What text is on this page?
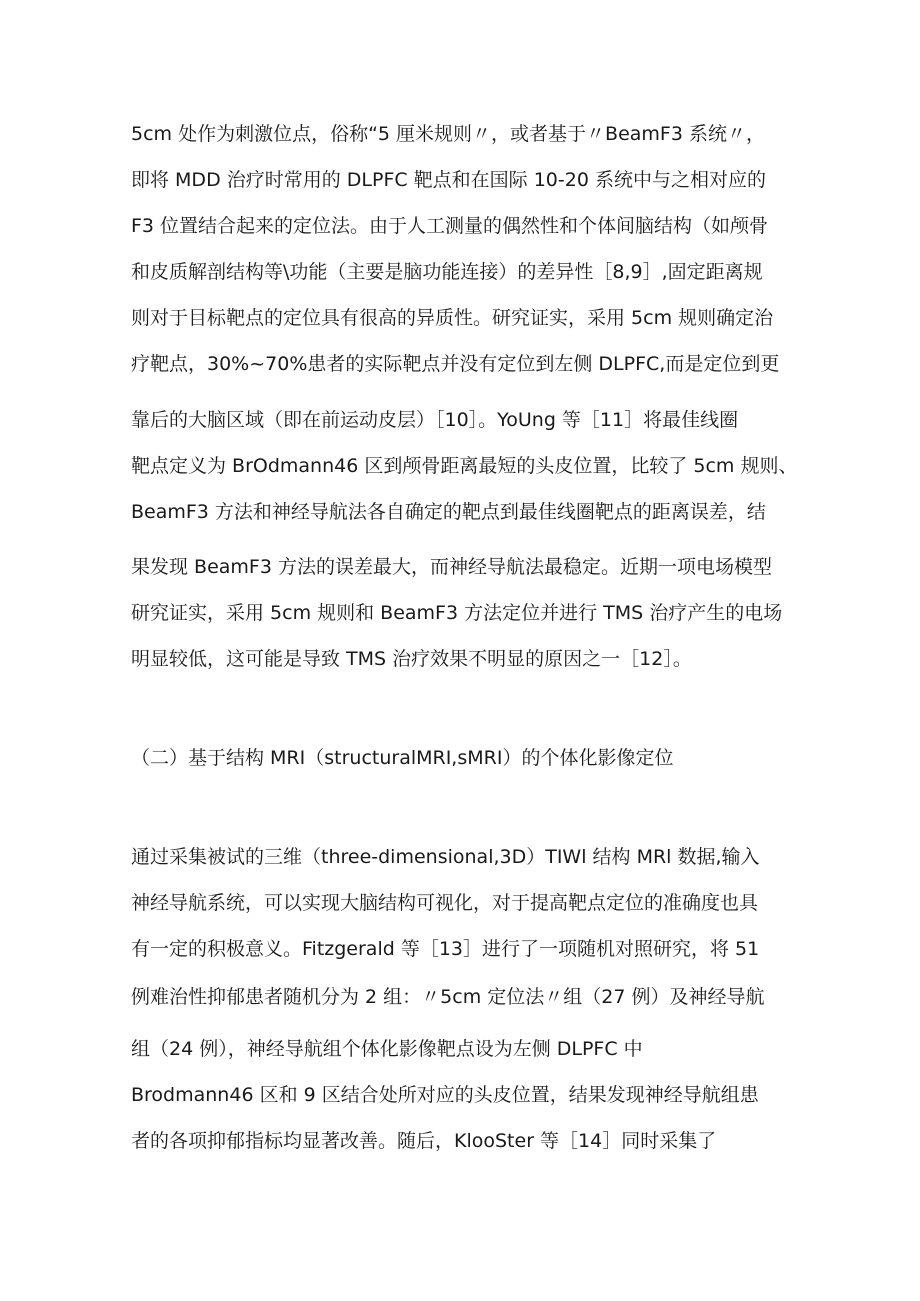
5cm 处作为刺激位点，俗称“5 厘米规则〃，或者基于〃BeamF3 系统〃，
即将 MDD 治疗时常用的 DLPFC 靶点和在国际 10-20 系统中与之相对应的
F3 位置结合起来的定位法。由于人工测量的偶然性和个体间脑结构（如颅骨
和皮质解剖结构等\功能（主要是脑功能连接）的差异性［8,9］,固定距离规
则对于目标靶点的定位具有很高的异质性。研究证实，采用 5cm 规则确定治
疗靶点，30%~70%患者的实际靶点并没有定位到左侧 DLPFC,而是定位到更
靠后的大脑区域（即在前运动皮层）［10］。YoUng 等［11］将最佳线圈
靶点定义为 BrOdmann46 区到颅骨距离最短的头皮位置，比较了 5cm 规则、
BeamF3 方法和神经导航法各自确定的靶点到最佳线圈靶点的距离误差，结
果发现 BeamF3 方法的误差最大，而神经导航法最稳定。近期一项电场模型
研究证实，采用 5cm 规则和 BeamF3 方法定位并进行 TMS 治疗产生的电场
明显较低，这可能是导致 TMS 治疗效果不明显的原因之一［12］。
（二）基于结构 MRI（structuralMRI,sMRI）的个体化影像定位
通过采集被试的三维（three-dimensional,3D）TIWl 结构 MRl 数据,输入
神经导航系统，可以实现大脑结构可视化，对于提高靶点定位的准确度也具
有一定的积极意义。Fitzgerald 等［13］进行了一项随机对照研究，将 51
例难治性抑郁患者随机分为 2 组：〃5cm 定位法〃组（27 例）及神经导航
组（24 例），神经导航组个体化影像靶点设为左侧 DLPFC 中
Brodmann46 区和 9 区结合处所对应的头皮位置，结果发现神经导航组患
者的各项抑郁指标均显著改善。随后，KlooSter 等［14］同时采集了
